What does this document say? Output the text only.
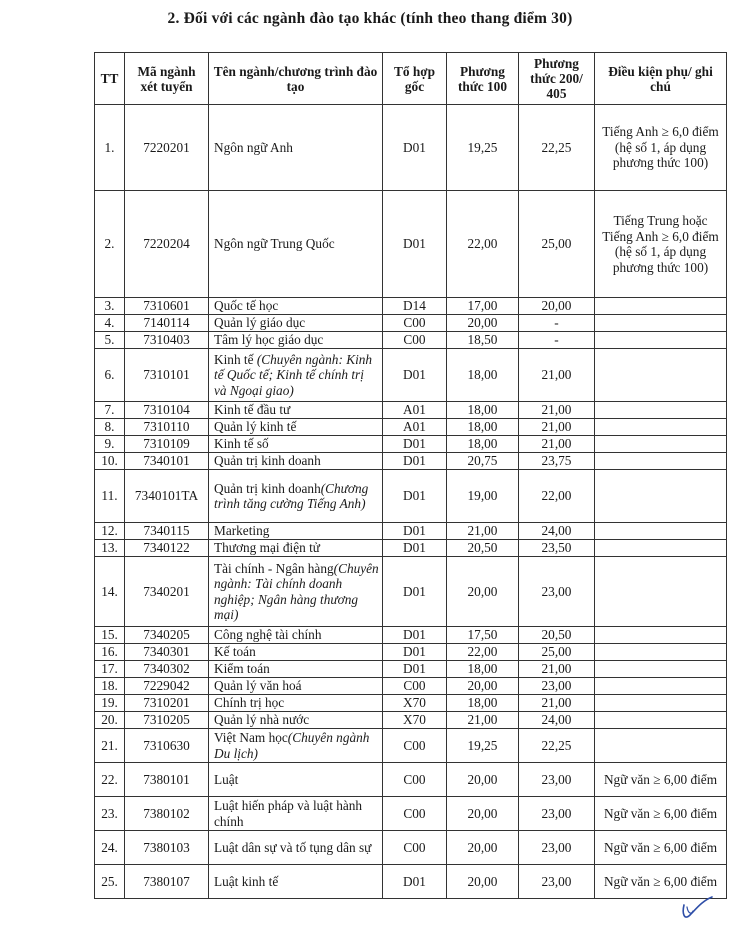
2. Đối với các ngành đào tạo khác (tính theo thang điểm 30)
TT	Mã ngành xét tuyển	Tên ngành/chương trình đào tạo	Tổ hợp gốc	Phương thức 100	Phương thức 200/ 405	Điều kiện phụ/ ghi chú
1.	7220201	Ngôn ngữ Anh	D01	19,25	22,25	Tiếng Anh ≥ 6,0 điểm (hệ số 1, áp dụng phương thức 100)
2.	7220204	Ngôn ngữ Trung Quốc	D01	22,00	25,00	Tiếng Trung hoặc Tiếng Anh ≥ 6,0 điểm (hệ số 1, áp dụng phương thức 100)
3.	7310601	Quốc tế học	D14	17,00	20,00	
4.	7140114	Quản lý giáo dục	C00	20,00	-	
5.	7310403	Tâm lý học giáo dục	C00	18,50	-	
6.	7310101	Kinh tế (Chuyên ngành: Kinh tế Quốc tế; Kinh tế chính trị và Ngoại giao)	D01	18,00	21,00	
7.	7310104	Kinh tế đầu tư	A01	18,00	21,00	
8.	7310110	Quản lý kinh tế	A01	18,00	21,00	
9.	7310109	Kinh tế số	D01	18,00	21,00	
10.	7340101	Quản trị kinh doanh	D01	20,75	23,75	
11.	7340101TA	Quản trị kinh doanh(Chương trình tăng cường Tiếng Anh)	D01	19,00	22,00	
12.	7340115	Marketing	D01	21,00	24,00	
13.	7340122	Thương mại điện tử	D01	20,50	23,50	
14.	7340201	Tài chính - Ngân hàng(Chuyên ngành: Tài chính doanh nghiệp; Ngân hàng thương mại)	D01	20,00	23,00	
15.	7340205	Công nghệ tài chính	D01	17,50	20,50	
16.	7340301	Kế toán	D01	22,00	25,00	
17.	7340302	Kiểm toán	D01	18,00	21,00	
18.	7229042	Quản lý văn hoá	C00	20,00	23,00	
19.	7310201	Chính trị học	X70	18,00	21,00	
20.	7310205	Quản lý nhà nước	X70	21,00	24,00	
21.	7310630	Việt Nam học(Chuyên ngành Du lịch)	C00	19,25	22,25	
22.	7380101	Luật	C00	20,00	23,00	Ngữ văn ≥ 6,00 điểm
23.	7380102	Luật hiến pháp và luật hành chính	C00	20,00	23,00	Ngữ văn ≥ 6,00 điểm
24.	7380103	Luật dân sự và tố tụng dân sự	C00	20,00	23,00	Ngữ văn ≥ 6,00 điểm
25.	7380107	Luật kinh tế	D01	20,00	23,00	Ngữ văn ≥ 6,00 điểm
